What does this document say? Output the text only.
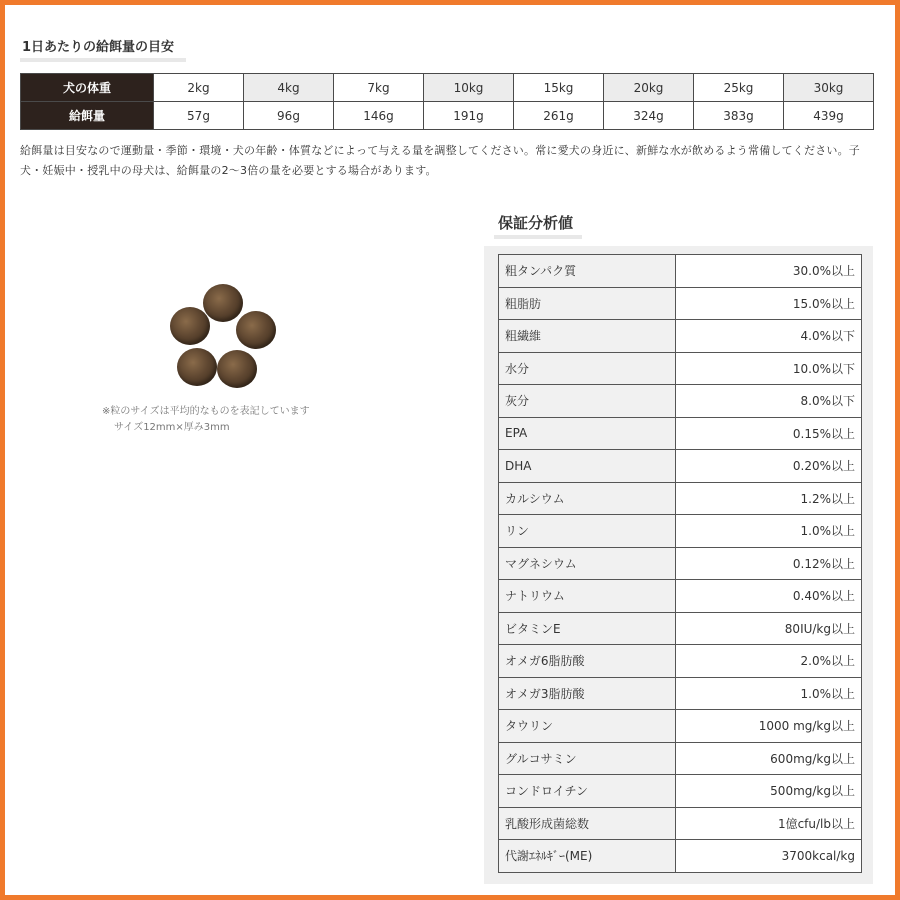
1日あたりの給餌量の目安
犬の体重	2kg	4kg	7kg	10kg	15kg	20kg	25kg	30kg
給餌量	57g	96g	146g	191g	261g	324g	383g	439g
給餌量は目安なので運動量・季節・環境・犬の年齢・体質などによって与える量を調整してください。常に愛犬の身近に、新鮮な水が飲めるよう常備してください。子犬・妊娠中・授乳中の母犬は、給餌量の2～3倍の量を必要とする場合があります。
※粒のサイズは平均的なものを表記しています
サイズ12mm×厚み3mm
保証分析値
粗タンパク質	30.0%以上
粗脂肪	15.0%以上
粗繊維	4.0%以下
水分	10.0%以下
灰分	8.0%以下
EPA	0.15%以上
DHA	0.20%以上
カルシウム	1.2%以上
リン	1.0%以上
マグネシウム	0.12%以上
ナトリウム	0.40%以上
ビタミンE	80IU/kg以上
オメガ6脂肪酸	2.0%以上
オメガ3脂肪酸	1.0%以上
タウリン	1000 mg/kg以上
グルコサミン	600mg/kg以上
コンドロイチン	500mg/kg以上
乳酸形成菌総数	1億cfu/lb以上
代謝ｴﾈﾙｷﾞｰ(ME)	3700kcal/kg
